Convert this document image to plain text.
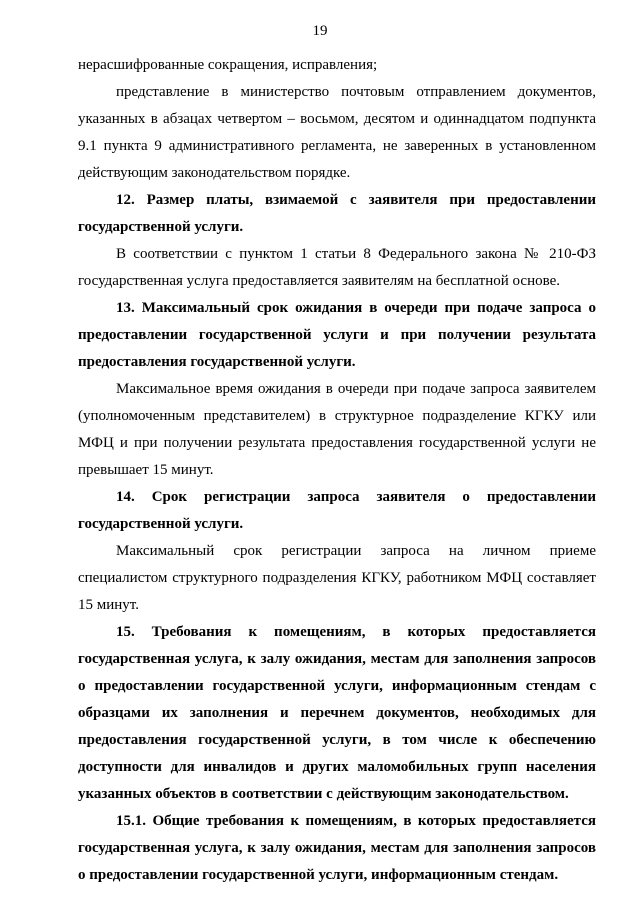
19

нерасшифрованные сокращения, исправления;

представление в министерство почтовым отправлением документов, указанных в абзацах четвертом – восьмом, десятом и одиннадцатом подпункта 9.1 пункта 9 административного регламента, не заверенных в установленном действующим законодательством порядке.

12. Размер платы, взимаемой с заявителя при предоставлении государственной услуги.

В соответствии с пунктом 1 статьи 8 Федерального закона № 210-ФЗ государственная услуга предоставляется заявителям на бесплатной основе.

13. Максимальный срок ожидания в очереди при подаче запроса о предоставлении государственной услуги и при получении результата предоставления государственной услуги.

Максимальное время ожидания в очереди при подаче запроса заявителем (уполномоченным представителем) в структурное подразделение КГКУ или МФЦ и при получении результата предоставления государственной услуги не превышает 15 минут.

14. Срок регистрации запроса заявителя о предоставлении государственной услуги.

Максимальный срок регистрации запроса на личном приеме специалистом структурного подразделения КГКУ, работником МФЦ составляет 15 минут.

15. Требования к помещениям, в которых предоставляется государственная услуга, к залу ожидания, местам для заполнения запросов о предоставлении государственной услуги, информационным стендам с образцами их заполнения и перечнем документов, необходимых для предоставления государственной услуги, в том числе к обеспечению доступности для инвалидов и других маломобильных групп населения указанных объектов в соответствии с действующим законодательством.

15.1. Общие требования к помещениям, в которых предоставляется государственная услуга, к залу ожидания, местам для заполнения запросов о предоставлении государственной услуги, информационным стендам.
